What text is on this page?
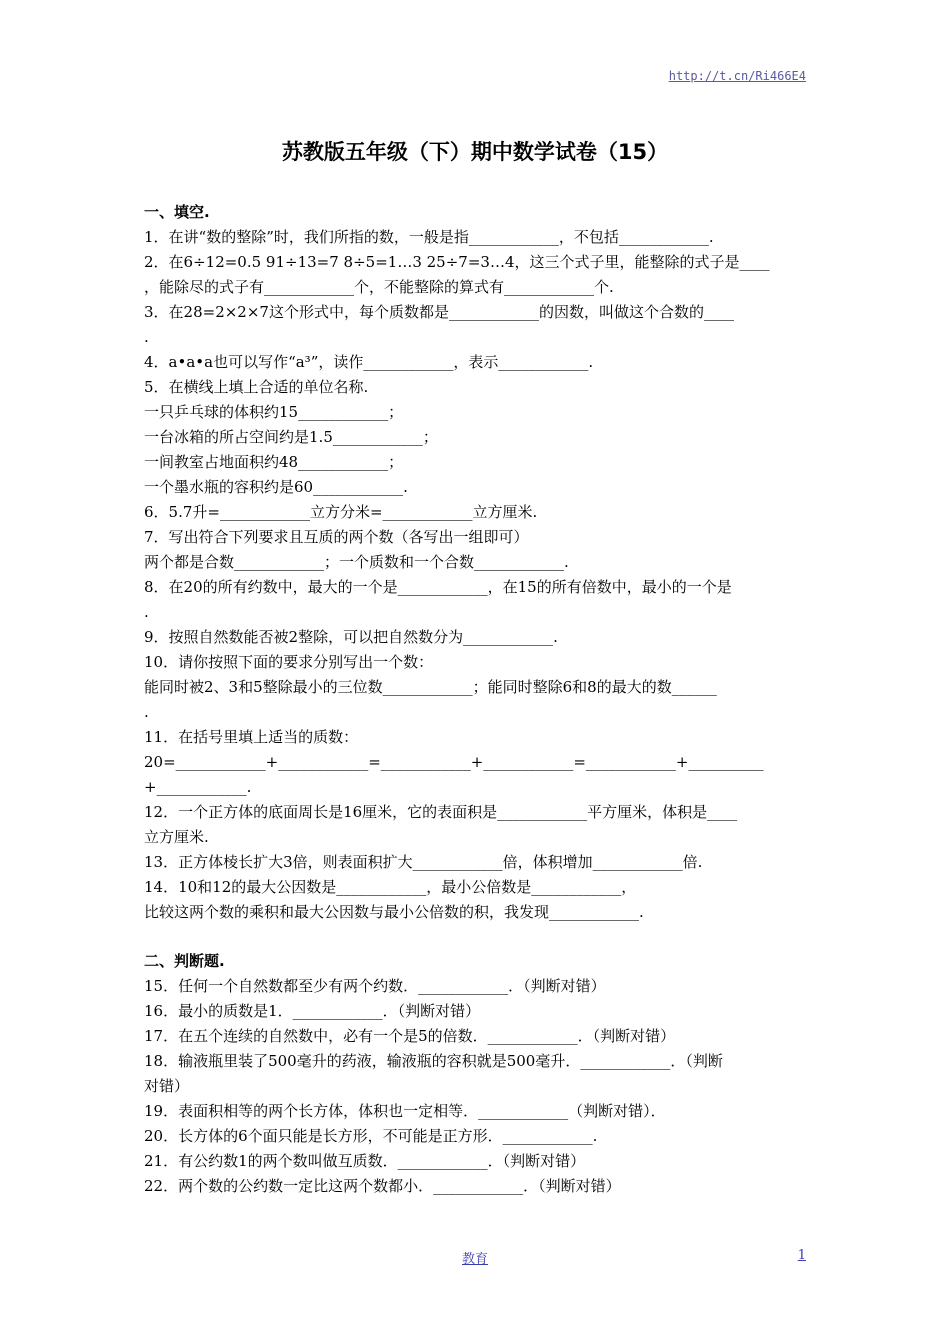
http://t.cn/Ri466E4
苏教版五年级（下）期中数学试卷（15）
一、填空.
1．在讲“数的整除”时，我们所指的数，一般是指____________，不包括____________.
2．在6÷12=0.5 91÷13=7 8÷5=1…3 25÷7=3…4，这三个式子里，能整除的式子是____
，能除尽的式子有____________个，不能整除的算式有____________个.
3．在28=2×2×7这个形式中，每个质数都是____________的因数，叫做这个合数的____
.
4．a•a•a也可以写作“a³”，读作____________，表示____________.
5．在横线上填上合适的单位名称.
一只乒乓球的体积约15____________；
一台冰箱的所占空间约是1.5____________；
一间教室占地面积约48____________；
一个墨水瓶的容积约是60____________.
6．5.7升=____________立方分米=____________立方厘米.
7．写出符合下列要求且互质的两个数（各写出一组即可）
两个都是合数____________；一个质数和一个合数____________.
8．在20的所有约数中，最大的一个是____________，在15的所有倍数中，最小的一个是
.
9．按照自然数能否被2整除，可以把自然数分为____________.
10．请你按照下面的要求分别写出一个数：
能同时被2、3和5整除最小的三位数____________；能同时整除6和8的最大的数______
.
11．在括号里填上适当的质数：
20=____________+____________=____________+____________=____________+__________
+____________.
12．一个正方体的底面周长是16厘米，它的表面积是____________平方厘米，体积是____
立方厘米.
13．正方体棱长扩大3倍，则表面积扩大____________倍，体积增加____________倍.
14．10和12的最大公因数是____________，最小公倍数是____________，
比较这两个数的乘积和最大公因数与最小公倍数的积，我发现____________.
二、判断题.
15．任何一个自然数都至少有两个约数．____________．（判断对错）
16．最小的质数是1．____________．（判断对错）
17．在五个连续的自然数中，必有一个是5的倍数．____________．（判断对错）
18．输液瓶里装了500毫升的药液，输液瓶的容积就是500毫升．____________．（判断
对错）
19．表面积相等的两个长方体，体积也一定相等．____________（判断对错）．
20．长方体的6个面只能是长方形，不可能是正方形．____________.
21．有公约数1的两个数叫做互质数．____________．（判断对错）
22．两个数的公约数一定比这两个数都小．____________．（判断对错）
教育	1
